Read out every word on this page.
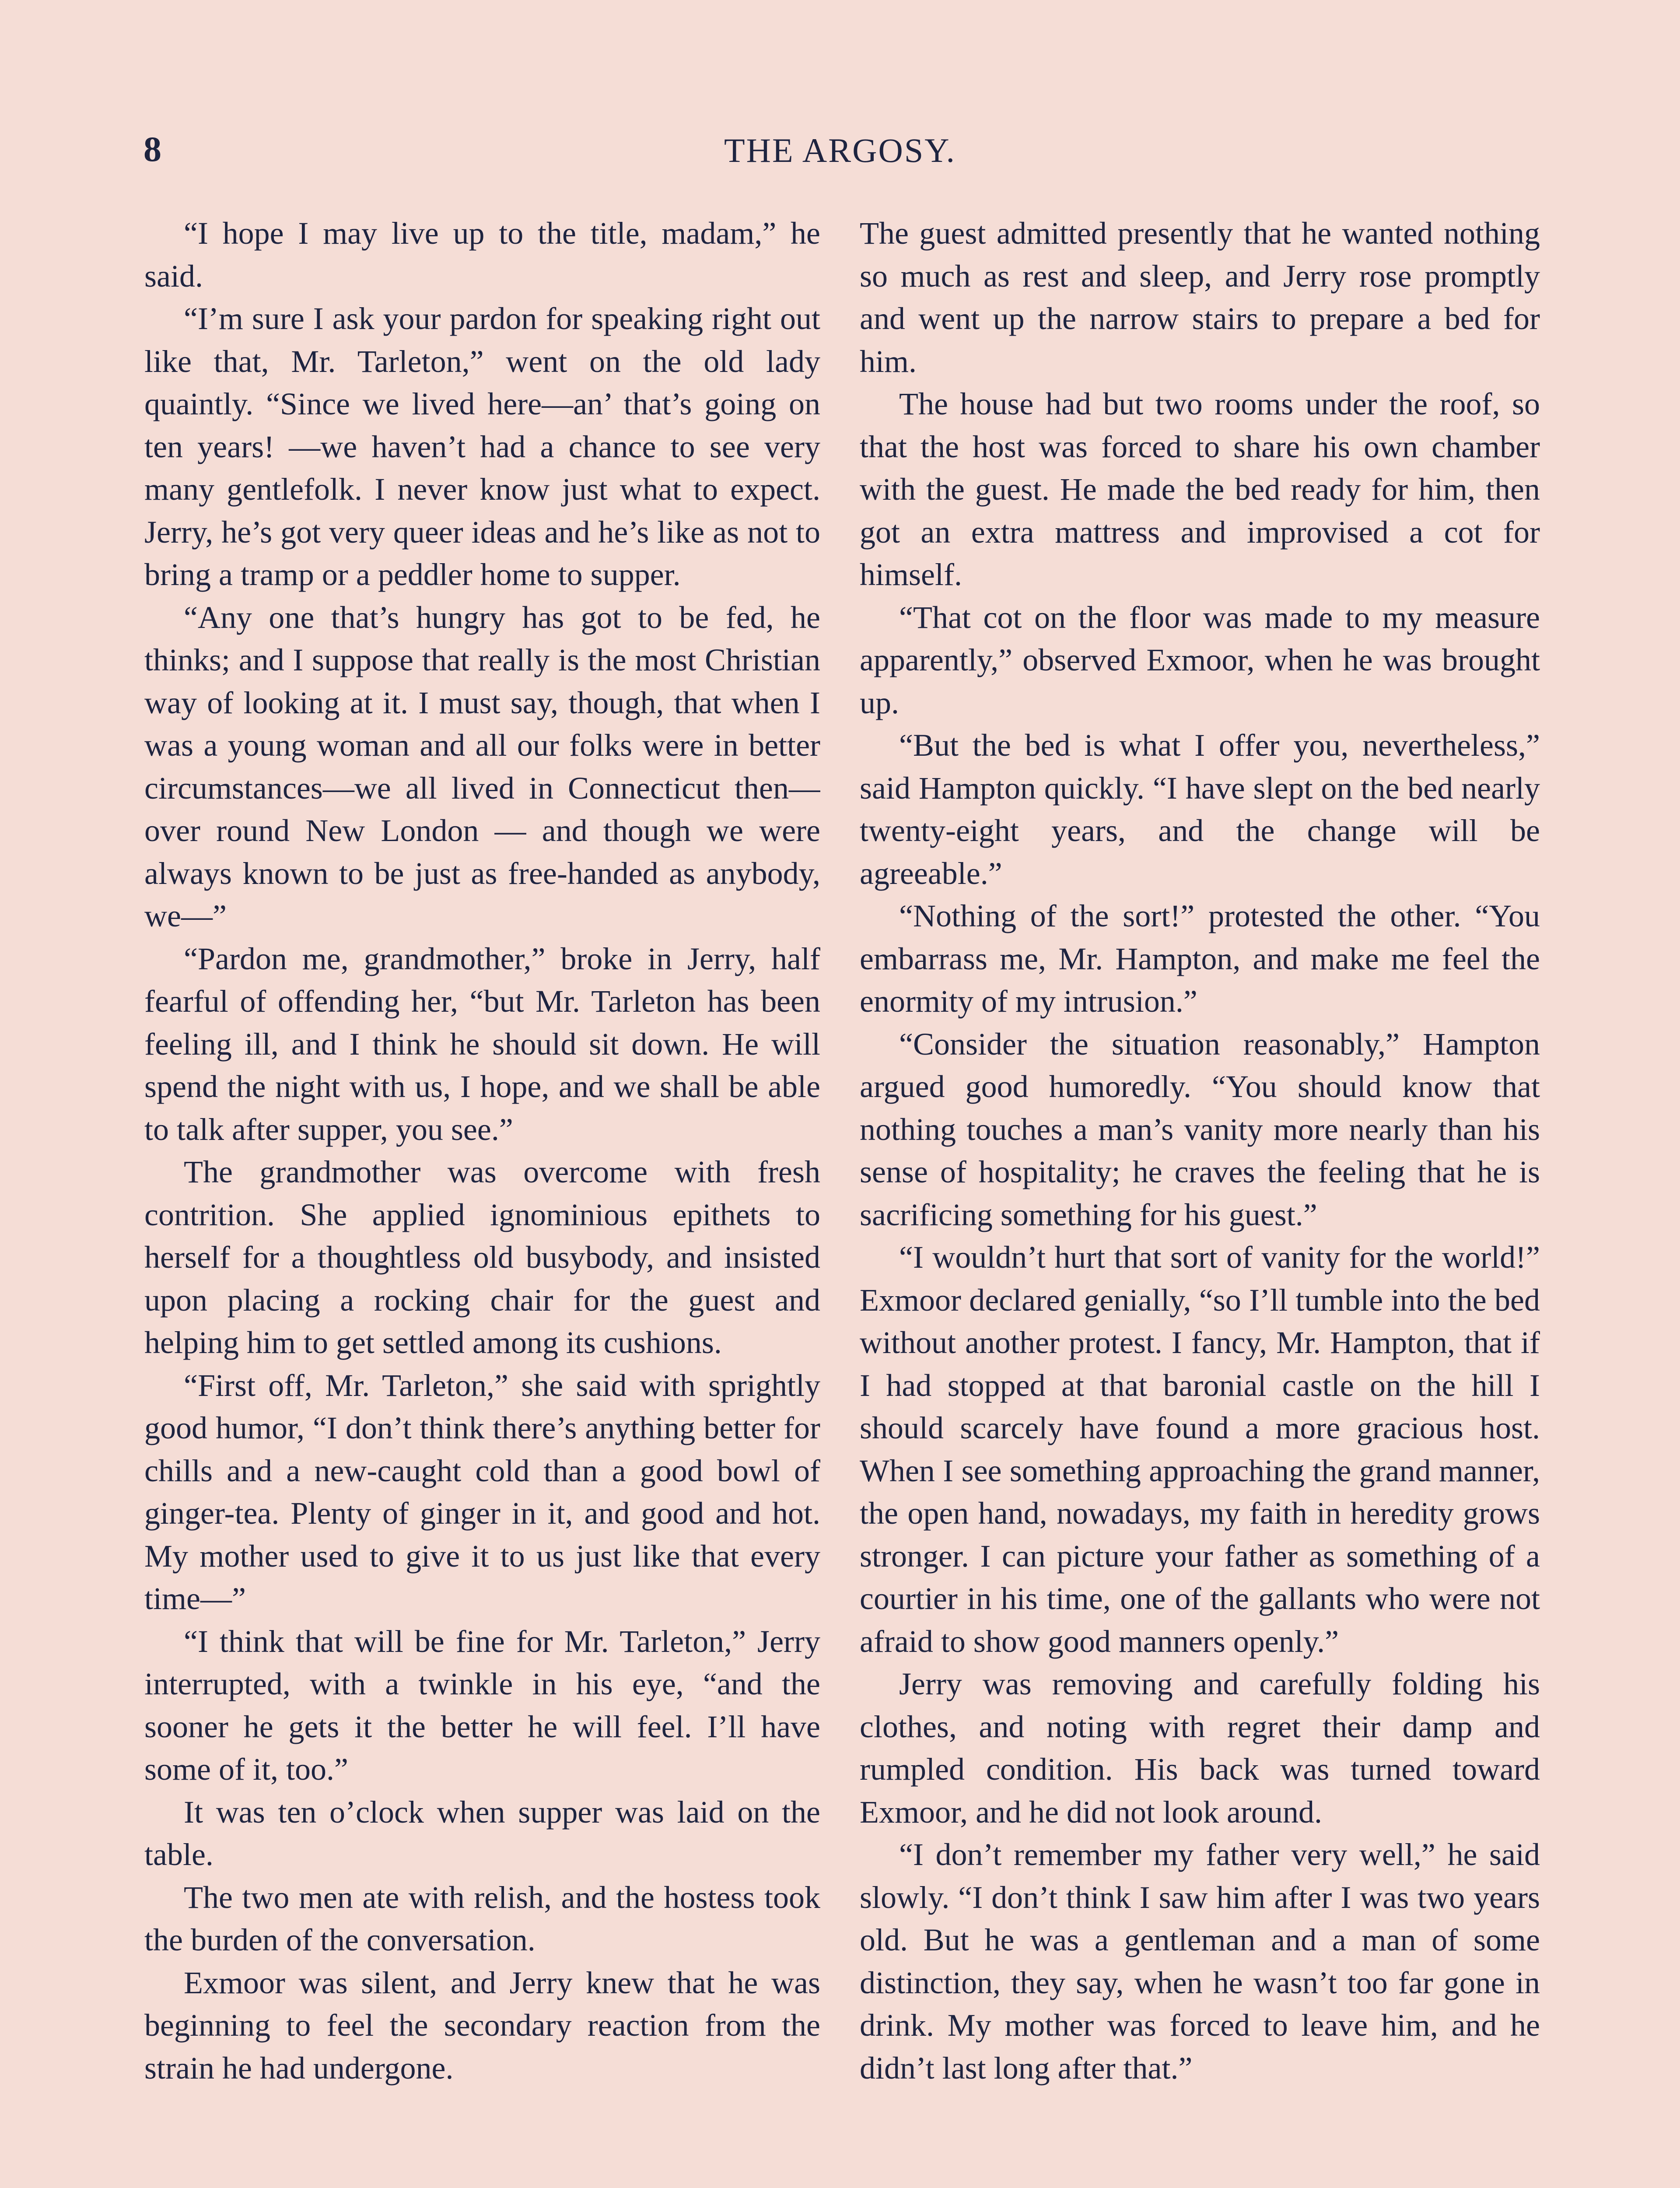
8	THE ARGOSY.

“I hope I may live up to the title, madam,” he said.

“I’m sure I ask your pardon for speaking right out like that, Mr. Tarleton,” went on the old lady quaintly. “Since we lived here—an’ that’s going on ten years! —we haven’t had a chance to see very many gentlefolk. I never know just what to expect. Jerry, he’s got very queer ideas and he’s like as not to bring a tramp or a peddler home to supper.

“Any one that’s hungry has got to be fed, he thinks; and I suppose that really is the most Christian way of looking at it. I must say, though, that when I was a young woman and all our folks were in better circumstances—we all lived in Connecticut then—over round New London — and though we were always known to be just as free-handed as anybody, we—”

“Pardon me, grandmother,” broke in Jerry, half fearful of offending her, “but Mr. Tarleton has been feeling ill, and I think he should sit down. He will spend the night with us, I hope, and we shall be able to talk after supper, you see.”

The grandmother was overcome with fresh contrition. She applied ignominious epithets to herself for a thoughtless old busybody, and insisted upon placing a rocking chair for the guest and helping him to get settled among its cushions.

“First off, Mr. Tarleton,” she said with sprightly good humor, “I don’t think there’s anything better for chills and a new-caught cold than a good bowl of ginger-tea. Plenty of ginger in it, and good and hot. My mother used to give it to us just like that every time—”

“I think that will be fine for Mr. Tarleton,” Jerry interrupted, with a twinkle in his eye, “and the sooner he gets it the better he will feel. I’ll have some of it, too.”

It was ten o’clock when supper was laid on the table.

The two men ate with relish, and the hostess took the burden of the conversation.

Exmoor was silent, and Jerry knew that he was beginning to feel the secondary reaction from the strain he had undergone.

The guest admitted presently that he wanted nothing so much as rest and sleep, and Jerry rose promptly and went up the narrow stairs to prepare a bed for him.

The house had but two rooms under the roof, so that the host was forced to share his own chamber with the guest. He made the bed ready for him, then got an extra mattress and improvised a cot for himself.

“That cot on the floor was made to my measure apparently,” observed Exmoor, when he was brought up.

“But the bed is what I offer you, nevertheless,” said Hampton quickly. “I have slept on the bed nearly twenty-eight years, and the change will be agreeable.”

“Nothing of the sort!” protested the other. “You embarrass me, Mr. Hampton, and make me feel the enormity of my intrusion.”

“Consider the situation reasonably,” Hampton argued good humoredly. “You should know that nothing touches a man’s vanity more nearly than his sense of hospitality; he craves the feeling that he is sacrificing something for his guest.”

“I wouldn’t hurt that sort of vanity for the world!” Exmoor declared genially, “so I’ll tumble into the bed without another protest. I fancy, Mr. Hampton, that if I had stopped at that baronial castle on the hill I should scarcely have found a more gracious host. When I see something approaching the grand manner, the open hand, nowadays, my faith in heredity grows stronger. I can picture your father as something of a courtier in his time, one of the gallants who were not afraid to show good manners openly.”

Jerry was removing and carefully folding his clothes, and noting with regret their damp and rumpled condition. His back was turned toward Exmoor, and he did not look around.

“I don’t remember my father very well,” he said slowly. “I don’t think I saw him after I was two years old. But he was a gentleman and a man of some distinction, they say, when he wasn’t too far gone in drink. My mother was forced to leave him, and he didn’t last long after that.”
